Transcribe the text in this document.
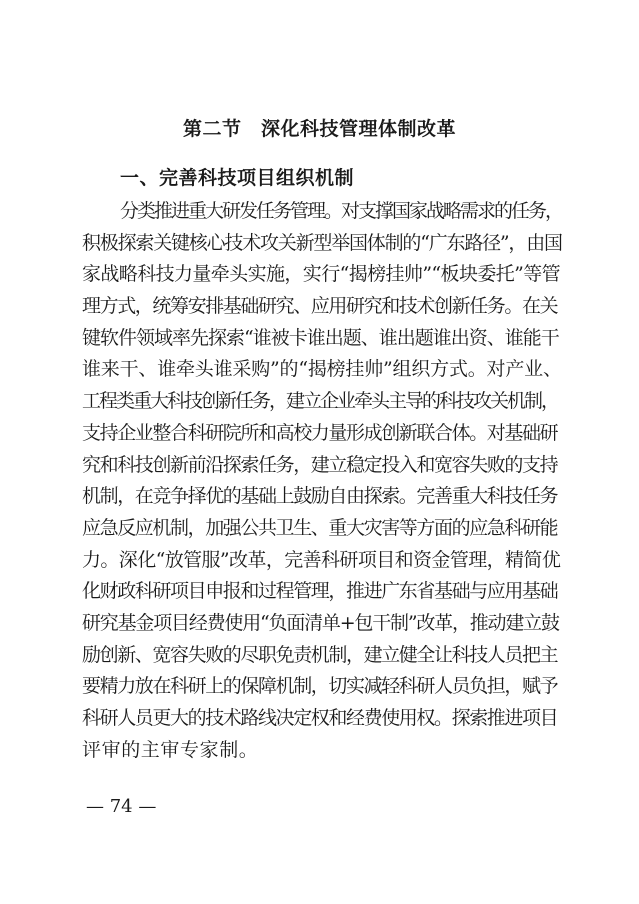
第二节　深化科技管理体制改革
一、完善科技项目组织机制
分类推进重大研发任务管理。对支撑国家战略需求的任务，
积极探索关键核心技术攻关新型举国体制的“广东路径”，由国
家战略科技力量牵头实施，实行“揭榜挂帅”“板块委托”等管
理方式，统筹安排基础研究、应用研究和技术创新任务。在关
键软件领域率先探索“谁被卡谁出题、谁出题谁出资、谁能干
谁来干、谁牵头谁采购”的“揭榜挂帅”组织方式。对产业、
工程类重大科技创新任务，建立企业牵头主导的科技攻关机制，
支持企业整合科研院所和高校力量形成创新联合体。对基础研
究和科技创新前沿探索任务，建立稳定投入和宽容失败的支持
机制，在竞争择优的基础上鼓励自由探索。完善重大科技任务
应急反应机制，加强公共卫生、重大灾害等方面的应急科研能
力。深化“放管服”改革，完善科研项目和资金管理，精简优
化财政科研项目申报和过程管理，推进广东省基础与应用基础
研究基金项目经费使用“负面清单+包干制”改革，推动建立鼓
励创新、宽容失败的尽职免责机制，建立健全让科技人员把主
要精力放在科研上的保障机制，切实减轻科研人员负担，赋予
科研人员更大的技术路线决定权和经费使用权。探索推进项目
评审的主审专家制。
— 74 —
